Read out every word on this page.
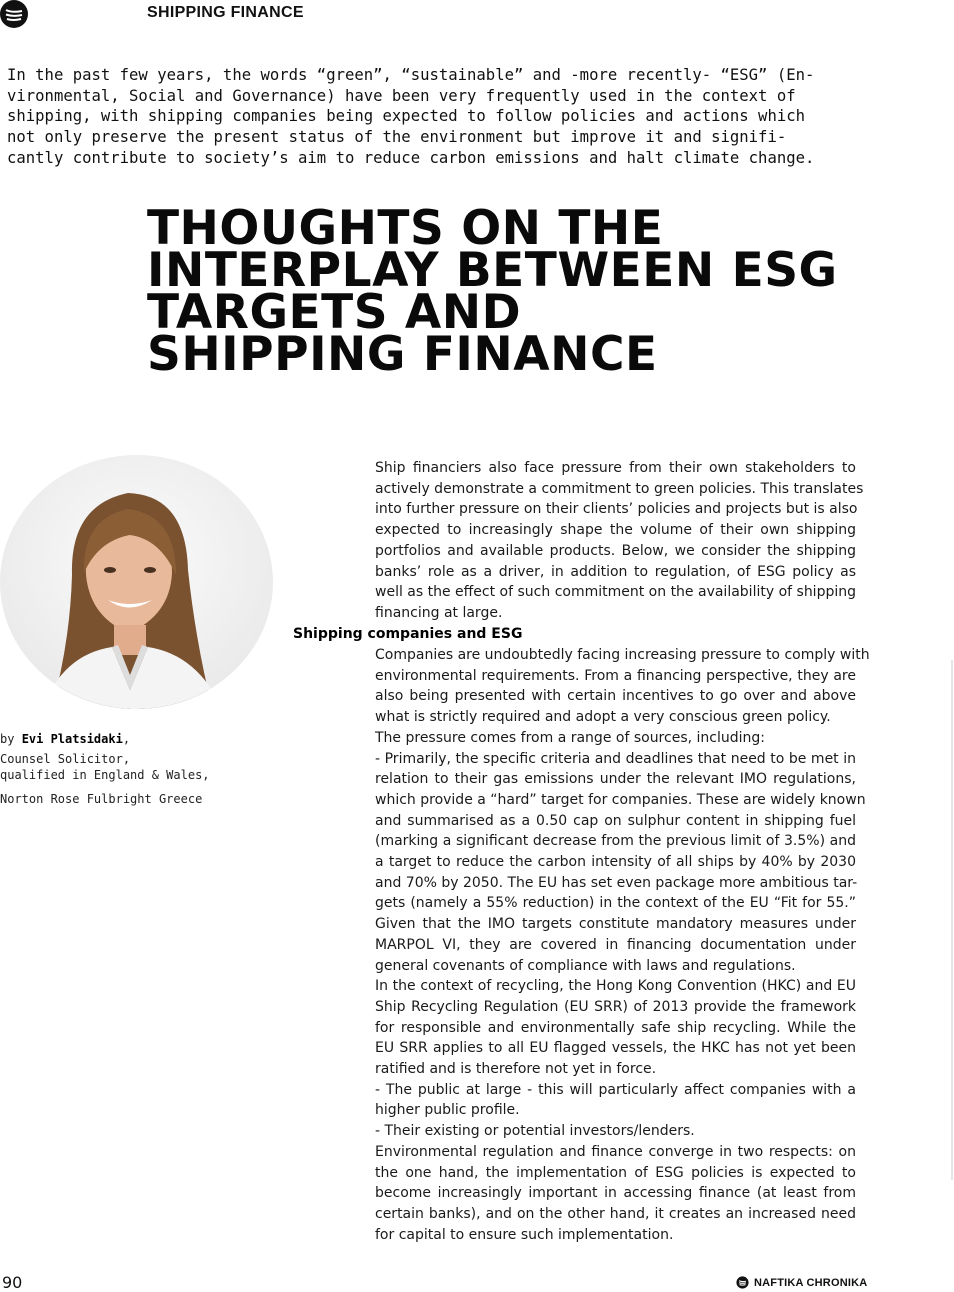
SHIPPING FINANCE
In the past few years, the words “green”, “sustainable” and -more recently- “ESG” (En-
vironmental, Social and Governance) have been very frequently used in the context of
shipping, with shipping companies being expected to follow policies and actions which
not only preserve the present status of the environment but improve it and signifi-
cantly contribute to society’s aim to reduce carbon emissions and halt climate change.
THOUGHTS ON THE
INTERPLAY BETWEEN ESG
TARGETS AND
SHIPPING FINANCE
by Evi Platsidaki,
Counsel Solicitor,
qualified in England & Wales,
Norton Rose Fulbright Greece
Ship financiers also face pressure from their own stakeholders to
actively demonstrate a commitment to green policies. This translates
into further pressure on their clients’ policies and projects but is also
expected to increasingly shape the volume of their own shipping
portfolios and available products. Below, we consider the shipping
banks’ role as a driver, in addition to regulation, of ESG policy as
well as the effect of such commitment on the availability of shipping
financing at large.
Shipping companies and ESG
Companies are undoubtedly facing increasing pressure to comply with
environmental requirements. From a financing perspective, they are
also being presented with certain incentives to go over and above
what is strictly required and adopt a very conscious green policy.
The pressure comes from a range of sources, including:
- Primarily, the specific criteria and deadlines that need to be met in
relation to their gas emissions under the relevant IMO regulations,
which provide a “hard” target for companies. These are widely known
and summarised as a 0.50 cap on sulphur content in shipping fuel
(marking a significant decrease from the previous limit of 3.5%) and
a target to reduce the carbon intensity of all ships by 40% by 2030
and 70% by 2050. The EU has set even package more ambitious tar-
gets (namely a 55% reduction) in the context of the EU “Fit for 55.”
Given that the IMO targets constitute mandatory measures under
MARPOL VI, they are covered in financing documentation under
general covenants of compliance with laws and regulations.
In the context of recycling, the Hong Kong Convention (HKC) and EU
Ship Recycling Regulation (EU SRR) of 2013 provide the framework
for responsible and environmentally safe ship recycling. While the
EU SRR applies to all EU flagged vessels, the HKC has not yet been
ratified and is therefore not yet in force.
- The public at large - this will particularly affect companies with a
higher public profile.
- Their existing or potential investors/lenders.
Environmental regulation and finance converge in two respects: on
the one hand, the implementation of ESG policies is expected to
become increasingly important in accessing finance (at least from
certain banks), and on the other hand, it creates an increased need
for capital to ensure such implementation.
90	NAFTIKA CHRONIKA
